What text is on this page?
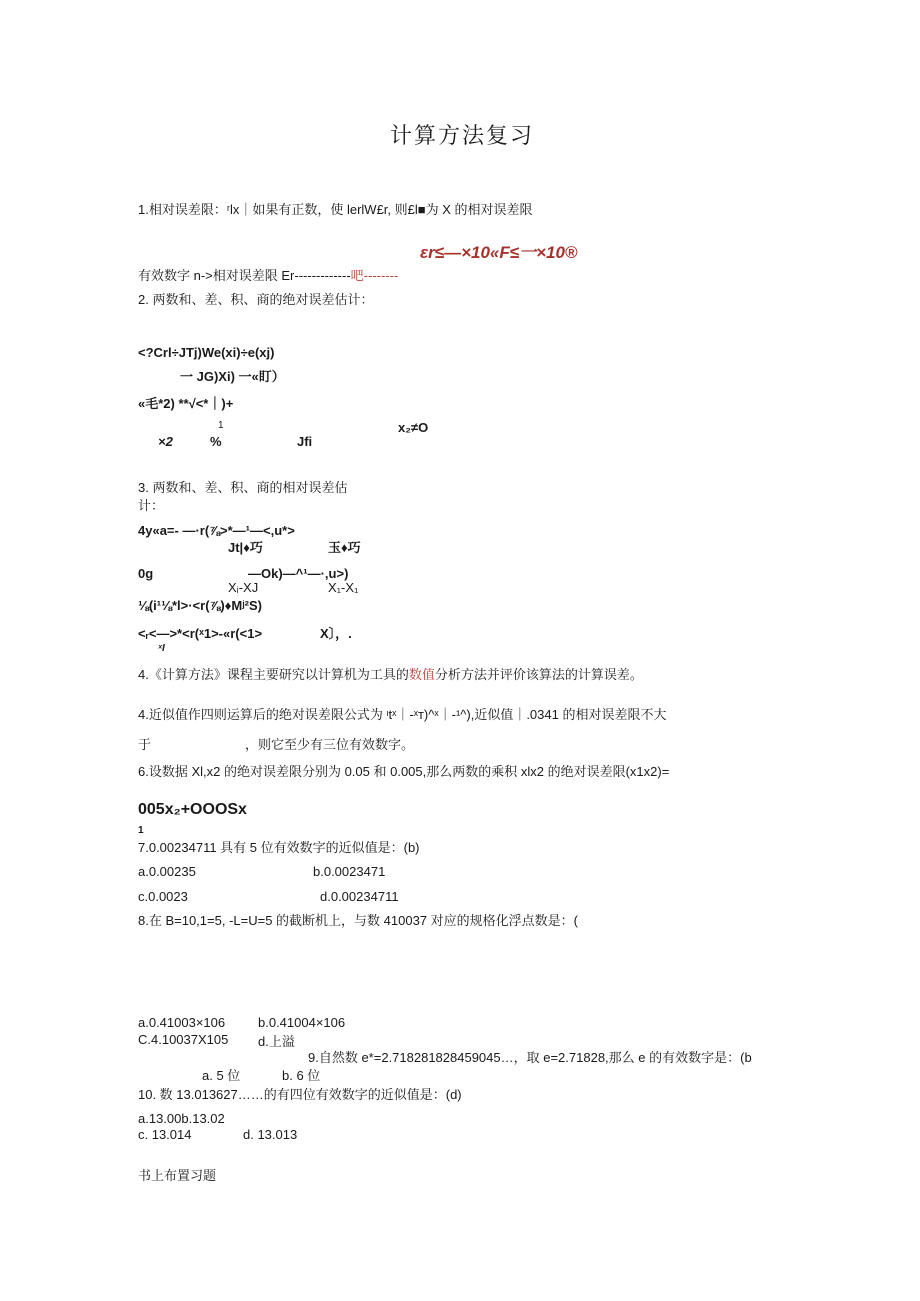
计算方法复习
1.相对误差限：ʳlx｜如果有正数，使 lerlW£r, 则£l■为 X 的相对误差限
εr≤—×10«F≤一×10®
有效数字 n->相对误差限 Er-------------吧--------
2. 两数和、差、积、商的绝对误差估计：
<?Crl÷JTj)We(xi)÷e(xj)
一 JG)Xi) 一«盯）
«毛*2) **√<*｜)+
1
×2	%	Jfi
x₂≠O
3. 两数和、差、积、商的相对误差估
计：
4y«a=- —·r(⅞>*—¹—<,u*>
Jt|♦巧	玉♦巧
0g	—Ok)—^¹—·,u>)
Xᵢ-XJ	X₁-X₁
⅛(i¹⅛*l>·<r(⅞)♦Mʲ²S)
<ᵣ<—>*<r(ˣ1>-«r(<1>	X〕，.
ˣI
4.《计算方法》课程主要研究以计算机为工具的数值分析方法并评价该算法的计算误差。
4.近似值作四则运算后的绝对误差限公式为 ᶦtˣ｜-ˣт)^ˣ｜-¹^),近似值｜.0341 的相对误差限不大
于	，则它至少有三位有效数字。
6.设数据 Xl,x2 的绝对误差限分别为 0.05 和 0.005,那么两数的乘积 xlx2 的绝对误差限(x1x2)=
005x₂+OOOSx
1
7.0.00234711 具有 5 位有效数字的近似值是：(b)
a.0.00235	b.0.0023471
c.0.0023	d.0.00234711
8.在 B=10,1=5, -L=U=5 的截断机上，与数 410037 对应的规格化浮点数是：(
a.0.41003×106	b.0.41004×106
C.4.10037X105 d.上溢
9.自然数 e*=2.718281828459045…，取 e=2.71828,那么 e 的有效数字是：(b
a. 5 位	b. 6 位
10. 数 13.013627……的有四位有效数字的近似值是：(d)
a.13.00b.13.02
c. 13.014	d. 13.013
书上布置习题
